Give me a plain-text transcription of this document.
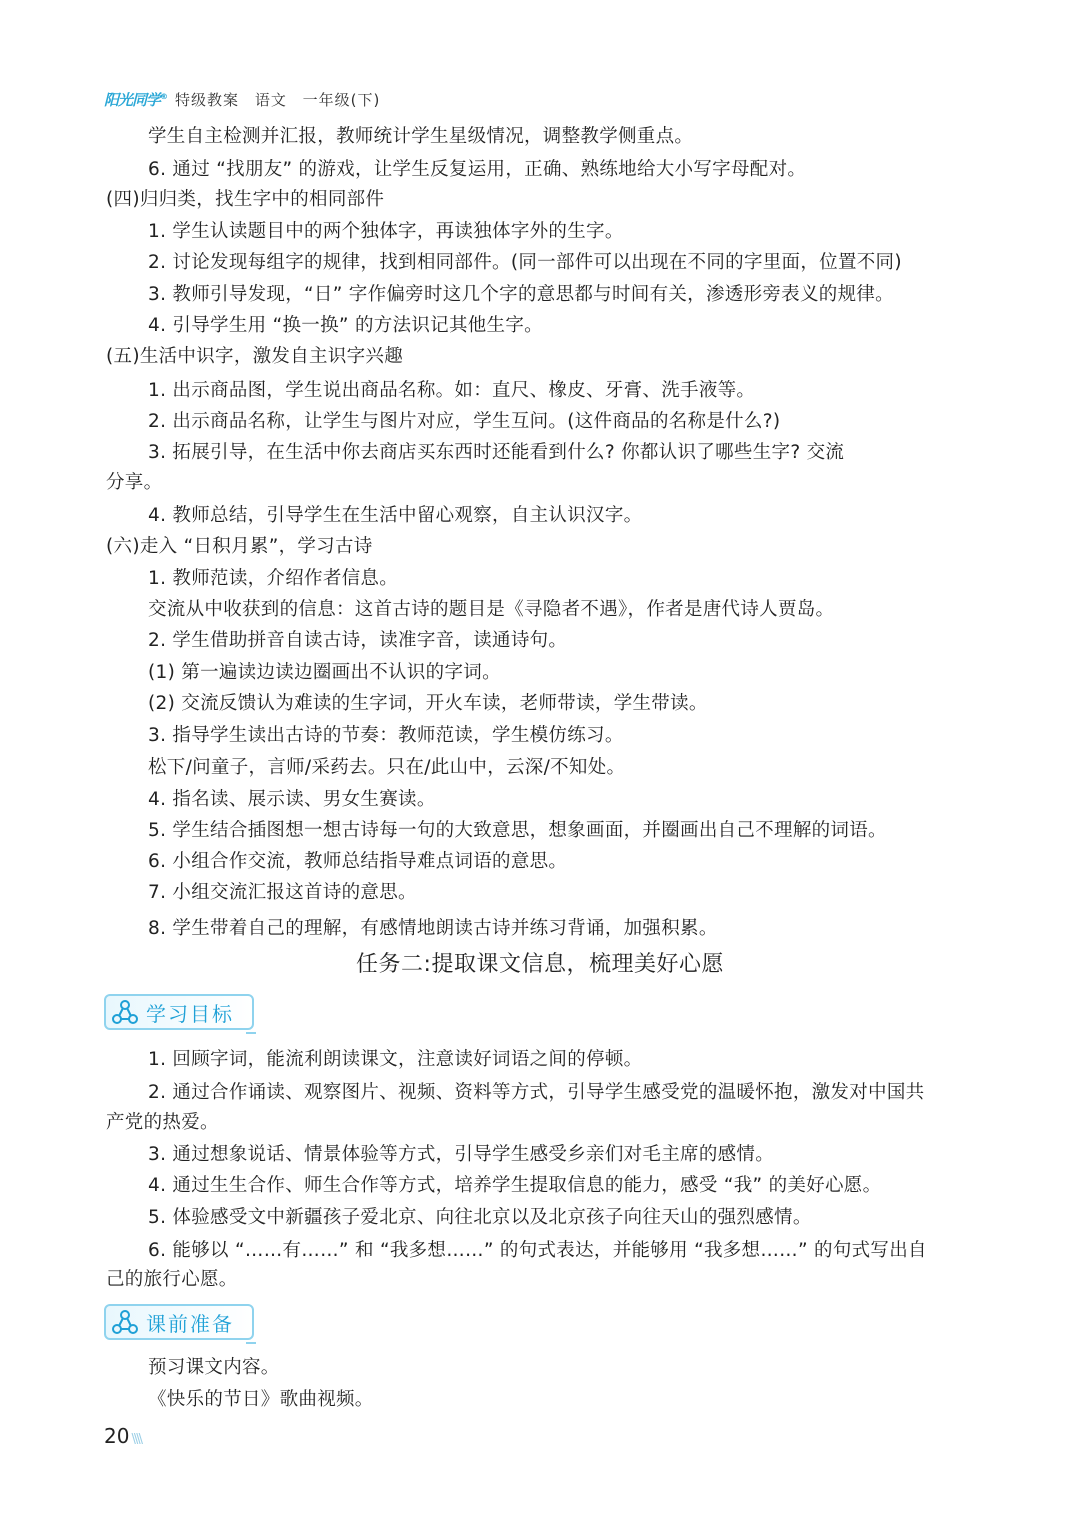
阳光同学® 特级教案 语文 一年级(下)
学生自主检测并汇报，教师统计学生星级情况，调整教学侧重点。
6. 通过 “找朋友” 的游戏，让学生反复运用，正确、熟练地给大小写字母配对。
(四)归归类，找生字中的相同部件
1. 学生认读题目中的两个独体字，再读独体字外的生字。
2. 讨论发现每组字的规律，找到相同部件。(同一部件可以出现在不同的字里面，位置不同)
3. 教师引导发现，“日” 字作偏旁时这几个字的意思都与时间有关，渗透形旁表义的规律。
4. 引导学生用 “换一换” 的方法识记其他生字。
(五)生活中识字，激发自主识字兴趣
1. 出示商品图，学生说出商品名称。如：直尺、橡皮、牙膏、洗手液等。
2. 出示商品名称，让学生与图片对应，学生互问。(这件商品的名称是什么?)
3. 拓展引导，在生活中你去商店买东西时还能看到什么? 你都认识了哪些生字? 交流
分享。
4. 教师总结，引导学生在生活中留心观察，自主认识汉字。
(六)走入 “日积月累”，学习古诗
1. 教师范读，介绍作者信息。
交流从中收获到的信息：这首古诗的题目是《寻隐者不遇》，作者是唐代诗人贾岛。
2. 学生借助拼音自读古诗，读准字音，读通诗句。
(1) 第一遍读边读边圈画出不认识的字词。
(2) 交流反馈认为难读的生字词，开火车读，老师带读，学生带读。
3. 指导学生读出古诗的节奏：教师范读，学生模仿练习。
松下/问童子，言师/采药去。只在/此山中，云深/不知处。
4. 指名读、展示读、男女生赛读。
5. 学生结合插图想一想古诗每一句的大致意思，想象画面，并圈画出自己不理解的词语。
6. 小组合作交流，教师总结指导难点词语的意思。
7. 小组交流汇报这首诗的意思。
8. 学生带着自己的理解，有感情地朗读古诗并练习背诵，加强积累。
任务二:提取课文信息，梳理美好心愿
学习目标
1. 回顾字词，能流利朗读课文，注意读好词语之间的停顿。
2. 通过合作诵读、观察图片、视频、资料等方式，引导学生感受党的温暖怀抱，激发对中国共
产党的热爱。
3. 通过想象说话、情景体验等方式，引导学生感受乡亲们对毛主席的感情。
4. 通过生生合作、师生合作等方式，培养学生提取信息的能力，感受 “我” 的美好心愿。
5. 体验感受文中新疆孩子爱北京、向往北京以及北京孩子向往天山的强烈感情。
6. 能够以 “……有……” 和 “我多想……” 的句式表达，并能够用 “我多想……” 的句式写出自
己的旅行心愿。
课前准备
预习课文内容。
《快乐的节日》歌曲视频。
20 \\\\
